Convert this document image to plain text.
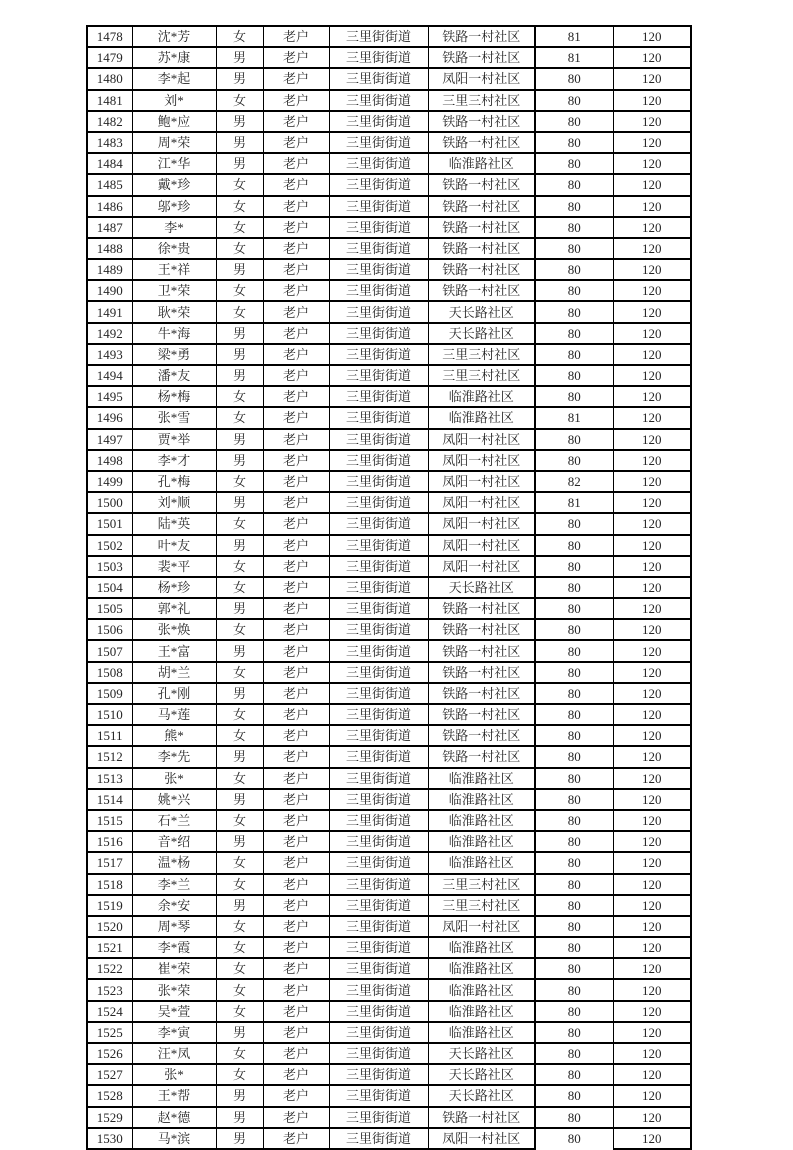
1478	沈*芳	女	老户	三里街街道	铁路一村社区	81	120
1479	苏*康	男	老户	三里街街道	铁路一村社区	81	120
1480	李*起	男	老户	三里街街道	凤阳一村社区	80	120
1481	刘*	女	老户	三里街街道	三里三村社区	80	120
1482	鲍*应	男	老户	三里街街道	铁路一村社区	80	120
1483	周*荣	男	老户	三里街街道	铁路一村社区	80	120
1484	江*华	男	老户	三里街街道	临淮路社区	80	120
1485	戴*珍	女	老户	三里街街道	铁路一村社区	80	120
1486	邬*珍	女	老户	三里街街道	铁路一村社区	80	120
1487	李*	女	老户	三里街街道	铁路一村社区	80	120
1488	徐*贵	女	老户	三里街街道	铁路一村社区	80	120
1489	王*祥	男	老户	三里街街道	铁路一村社区	80	120
1490	卫*荣	女	老户	三里街街道	铁路一村社区	80	120
1491	耿*荣	女	老户	三里街街道	天长路社区	80	120
1492	牛*海	男	老户	三里街街道	天长路社区	80	120
1493	梁*勇	男	老户	三里街街道	三里三村社区	80	120
1494	潘*友	男	老户	三里街街道	三里三村社区	80	120
1495	杨*梅	女	老户	三里街街道	临淮路社区	80	120
1496	张*雪	女	老户	三里街街道	临淮路社区	81	120
1497	贾*举	男	老户	三里街街道	凤阳一村社区	80	120
1498	李*才	男	老户	三里街街道	凤阳一村社区	80	120
1499	孔*梅	女	老户	三里街街道	凤阳一村社区	82	120
1500	刘*顺	男	老户	三里街街道	凤阳一村社区	81	120
1501	陆*英	女	老户	三里街街道	凤阳一村社区	80	120
1502	叶*友	男	老户	三里街街道	凤阳一村社区	80	120
1503	裴*平	女	老户	三里街街道	凤阳一村社区	80	120
1504	杨*珍	女	老户	三里街街道	天长路社区	80	120
1505	郭*礼	男	老户	三里街街道	铁路一村社区	80	120
1506	张*焕	女	老户	三里街街道	铁路一村社区	80	120
1507	王*富	男	老户	三里街街道	铁路一村社区	80	120
1508	胡*兰	女	老户	三里街街道	铁路一村社区	80	120
1509	孔*刚	男	老户	三里街街道	铁路一村社区	80	120
1510	马*莲	女	老户	三里街街道	铁路一村社区	80	120
1511	熊*	女	老户	三里街街道	铁路一村社区	80	120
1512	李*先	男	老户	三里街街道	铁路一村社区	80	120
1513	张*	女	老户	三里街街道	临淮路社区	80	120
1514	姚*兴	男	老户	三里街街道	临淮路社区	80	120
1515	石*兰	女	老户	三里街街道	临淮路社区	80	120
1516	音*绍	男	老户	三里街街道	临淮路社区	80	120
1517	温*杨	女	老户	三里街街道	临淮路社区	80	120
1518	李*兰	女	老户	三里街街道	三里三村社区	80	120
1519	余*安	男	老户	三里街街道	三里三村社区	80	120
1520	周*琴	女	老户	三里街街道	凤阳一村社区	80	120
1521	李*霞	女	老户	三里街街道	临淮路社区	80	120
1522	崔*荣	女	老户	三里街街道	临淮路社区	80	120
1523	张*荣	女	老户	三里街街道	临淮路社区	80	120
1524	吴*萱	女	老户	三里街街道	临淮路社区	80	120
1525	李*寅	男	老户	三里街街道	临淮路社区	80	120
1526	汪*凤	女	老户	三里街街道	天长路社区	80	120
1527	张*	女	老户	三里街街道	天长路社区	80	120
1528	王*帮	男	老户	三里街街道	天长路社区	80	120
1529	赵*德	男	老户	三里街街道	铁路一村社区	80	120
1530	马*滨	男	老户	三里街街道	凤阳一村社区	80	120
